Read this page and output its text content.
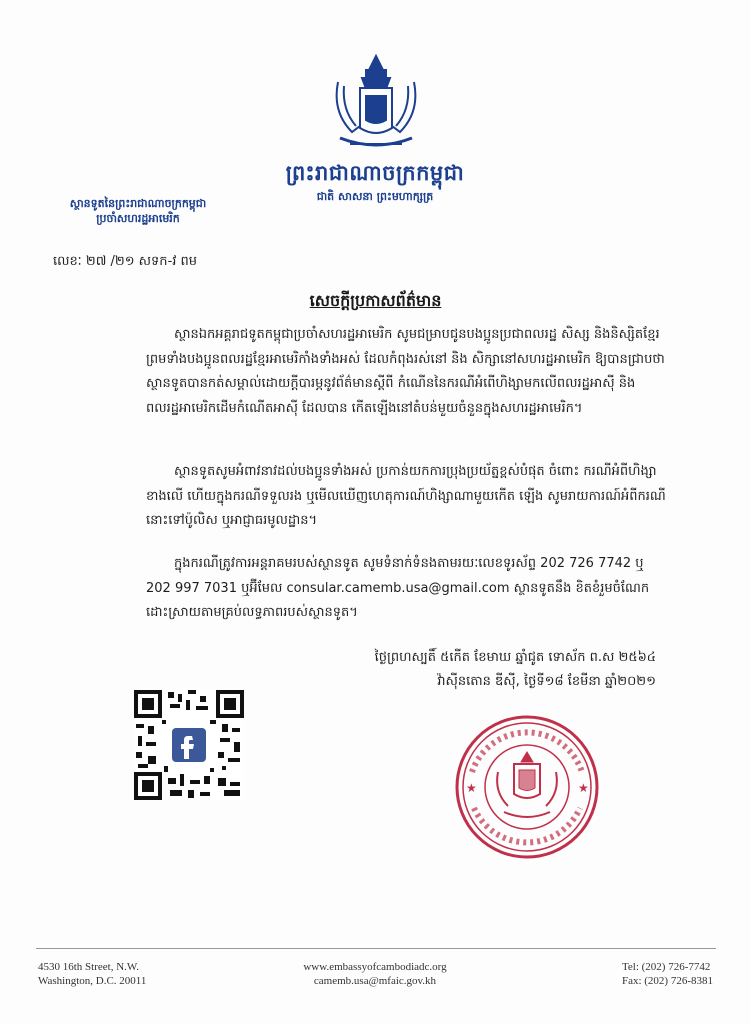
ព្រះរាជាណាចក្រកម្ពុជា
ជាតិ សាសនា ព្រះមហាក្សត្រ
ស្ថានទូតនៃព្រះរាជាណាចក្រកម្ពុជា
ប្រចាំសហរដ្ឋអាមេរិក
លេខៈ ២៧ /២១ សទក-វ ពម
សេចក្តីប្រកាសព័ត៌មាន
ស្ថានឯកអគ្គរាជទូតកម្ពុជាប្រចាំសហរដ្ឋអាមេរិក សូមជម្រាបជូនបងប្អូនប្រជាពលរដ្ឋ សិស្ស និងនិស្សិតខ្មែរ ព្រមទាំងបងប្អូនពលរដ្ឋខ្មែរអាមេរិកាំងទាំងអស់ ដែលកំពុងរស់នៅ និង សិក្សានៅសហរដ្ឋអាមេរិក ឱ្យបានជ្រាបថា ស្ថានទូតបានកត់សម្គាល់ដោយក្តីបារម្ភនូវព័ត៌មានស្តីពី កំណើននៃករណីអំពើហិង្សាមកលើពលរដ្ឋអាស៊ី និងពលរដ្ឋអាមេរិកដើមកំណើតអាស៊ី ដែលបាន កើតឡើងនៅតំបន់មួយចំនួនក្នុងសហរដ្ឋអាមេរិក។
ស្ថានទូតសូមអំពាវនាវដល់បងប្អូនទាំងអស់ ប្រកាន់យកការប្រុងប្រយ័ត្នខ្ពស់បំផុត ចំពោះ ករណីអំពីហិង្សាខាងលើ ហើយក្នុងករណីទទួលរង ឬមើលឃើញហេតុការណ៍ហិង្សាណាមួយកើត ឡើង សូមរាយការណ៍អំពីករណីនោះទៅប៉ូលិស ឬអាជ្ញាធរមូលដ្ឋាន។
ក្នុងករណីត្រូវការអន្តរាគមរបស់ស្ថានទូត សូមទំនាក់ទំនងតាមរយៈលេខទូរស័ព្ទ 202 726 7742 ឬ 202 997 7031 ឬអ៊ីមែល consular.camemb.usa@gmail.com ស្ថានទូតនឹង ខិតខំរួមចំណែកដោះស្រាយតាមគ្រប់លទ្ធភាពរបស់ស្ថានទូត។
ថ្ងៃព្រហស្បតិ៍ ៥កើត ខែមាឃ ឆ្នាំជូត ទោស័ក ព.ស ២៥៦៤
វ៉ាស៊ីនតោន ឌីស៊ី, ថ្ងៃទី១៨ ខែមីនា ឆ្នាំ២០២១
★	★
4530 16th Street, N.W.
Washington, D.C. 20011
www.embassyofcambodiadc.org
camemb.usa@mfaic.gov.kh
Tel: (202) 726-7742
Fax: (202) 726-8381
